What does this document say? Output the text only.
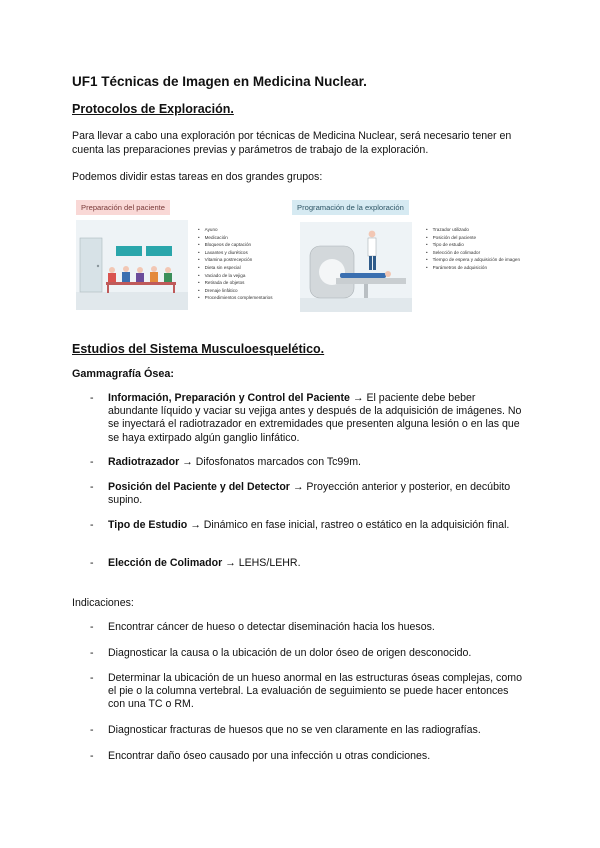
UF1 Técnicas de Imagen en Medicina Nuclear.
Protocolos de Exploración.
Para llevar a cabo una exploración por técnicas de Medicina Nuclear, será necesario tener en cuenta las preparaciones previas y parámetros de trabajo de la exploración.
Podemos dividir estas tareas en dos grandes grupos:
Preparación del paciente
• Ayuno
• Medicación
• Bloqueos de captación
• Laxantes y diuréticos
• Vitamina postrecepción
• Dieta sin especial
• Vaciado de la vejiga
• Retirada de objetos
• Drenaje linfático
• Procedimientos complementarios
Programación de la exploración
• Trazador utilizado
• Posición del paciente
• Tipo de estudio
• Selección de colimador
• Tiempo de espera y adquisición de imagen
• Parámetros de adquisición
Estudios del Sistema Musculoesquelético.
Gammagrafía Ósea:
- Información, Preparación y Control del Paciente → El paciente debe beber abundante líquido y vaciar su vejiga antes y después de la adquisición de imágenes. No se inyectará el radiotrazador en extremidades que presenten alguna lesión o en las que se haya extirpado algún ganglio linfático.
- Radiotrazador → Difosfonatos marcados con Tc99m.
- Posición del Paciente y del Detector → Proyección anterior y posterior, en decúbito supino.
- Tipo de Estudio → Dinámico en fase inicial, rastreo o estático en la adquisición final.
- Elección de Colimador → LEHS/LEHR.
Indicaciones:
- Encontrar cáncer de hueso o detectar diseminación hacia los huesos.
- Diagnosticar la causa o la ubicación de un dolor óseo de origen desconocido.
- Determinar la ubicación de un hueso anormal en las estructuras óseas complejas, como el pie o la columna vertebral. La evaluación de seguimiento se puede hacer entonces con una TC o RM.
- Diagnosticar fracturas de huesos que no se ven claramente en las radiografías.
- Encontrar daño óseo causado por una infección u otras condiciones.
